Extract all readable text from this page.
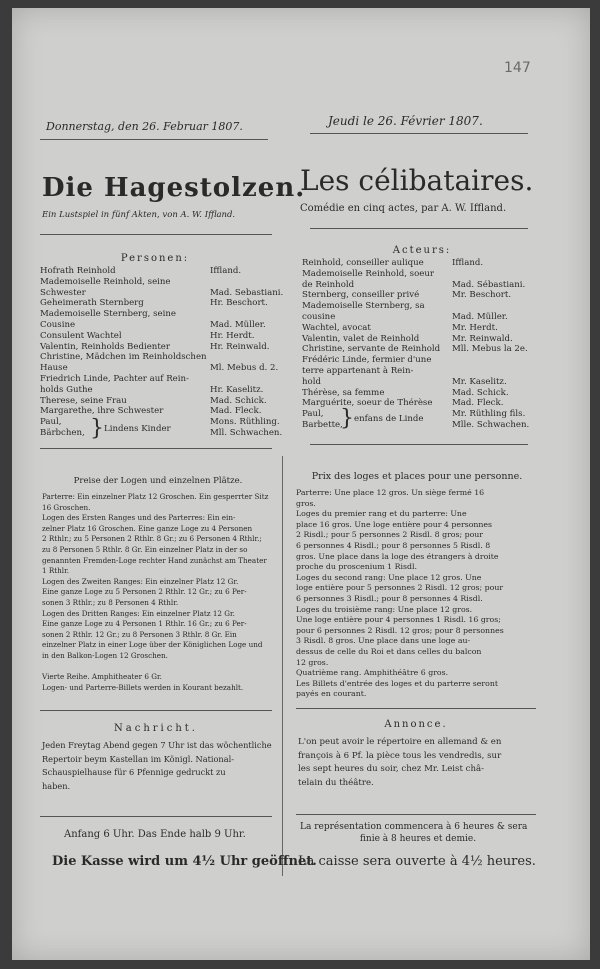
147
Donnerstag, den 26. Februar 1807.	Jeudi le 26. Février 1807.
Die Hagestolzen.
Les célibataires.
Ein Lustspiel in fünf Akten, von A. W. Iffland.
Comédie en cinq actes, par A. W. Iffland.
Personen:
Acteurs:
Hofrath Reinhold	Iffland.
Mademoiselle Reinhold, seine
Schwester	Mad. Sebastiani.
Geheimerath Sternberg	Hr. Beschort.
Mademoiselle Sternberg, seine
Cousine	Mad. Müller.
Consulent Wachtel	Hr. Herdt.
Valentin, Reinholds Bedienter	Hr. Reinwald.
Christine, Mädchen im Reinholdschen
Hause	Ml. Mebus d. 2.
Friedrich Linde, Pachter auf Rein-
holds Guthe	Hr. Kaselitz.
Therese, seine Frau	Mad. Schick.
Margarethe, ihre Schwester	Mad. Fleck.
Paul,	Mons. Rüthling.
Bärbchen,	Mll. Schwachen.
} Lindens Kinder
Reinhold, conseiller aulique	Iffland.
Mademoiselle Reinhold, soeur
de Reinhold	Mad. Sébastiani.
Sternberg, conseiller privé	Mr. Beschort.
Mademoiselle Sternberg, sa
cousine	Mad. Müller.
Wachtel, avocat	Mr. Herdt.
Valentin, valet de Reinhold	Mr. Reinwald.
Christine, servante de Reinhold Mll. Mebus la 2e.
Frédéric Linde, fermier d'une
terre appartenant à Rein-
hold	Mr. Kaselitz.
Thérèse, sa femme	Mad. Schick.
Marguérite, soeur de Thérèse Mad. Fleck.
Paul,	Mr. Rüthling fils.
Barbette,	Mlle. Schwachen.
} enfans de Linde
Preise der Logen und einzelnen Plätze.
Parterre: Ein einzelner Platz 12 Groschen. Ein gesperrter Sitz
16 Groschen.
Logen des Ersten Ranges und des Parterres: Ein ein-
zelner Platz 16 Groschen. Eine ganze Loge zu 4 Personen
2 Rthlr.; zu 5 Personen 2 Rthlr. 8 Gr.; zu 6 Personen 4 Rthlr.;
zu 8 Personen 5 Rthlr. 8 Gr. Ein einzelner Platz in der so
genannten Fremden-Loge rechter Hand zunächst am Theater
1 Rthlr.
Logen des Zweiten Ranges: Ein einzelner Platz 12 Gr.
Eine ganze Loge zu 5 Personen 2 Rthlr. 12 Gr.; zu 6 Per-
sonen 3 Rthlr.; zu 8 Personen 4 Rthlr.
Logen des Dritten Ranges: Ein einzelner Platz 12 Gr.
Eine ganze Loge zu 4 Personen 1 Rthlr. 16 Gr.; zu 6 Per-
sonen 2 Rthlr. 12 Gr.; zu 8 Personen 3 Rthlr. 8 Gr. Ein
einzelner Platz in einer Loge über der Königlichen Loge und
in den Balkon-Logen 12 Groschen.
Vierte Reihe. Amphitheater 6 Gr.
Logen- und Parterre-Billets werden in Kourant bezahlt.
Prix des loges et places pour une personne.
Parterre: Une place 12 gros. Un siège fermé 16
gros.
Loges du premier rang et du parterre: Une
place 16 gros. Une loge entière pour 4 personnes
2 Risdl.; pour 5 personnes 2 Risdl. 8 gros; pour
6 personnes 4 Risdl.; pour 8 personnes 5 Risdl. 8
gros. Une place dans la loge des étrangers à droite
proche du proscenium 1 Risdl.
Loges du second rang: Une place 12 gros. Une
loge entière pour 5 personnes 2 Risdl. 12 gros; pour
6 personnes 3 Risdl.; pour 8 personnes 4 Risdl.
Loges du troisième rang: Une place 12 gros.
Une loge entière pour 4 personnes 1 Risdl. 16 gros;
pour 6 personnes 2 Risdl. 12 gros; pour 8 personnes
3 Risdl. 8 gros. Une place dans une loge au-
dessus de celle du Roi et dans celles du balcon
12 gros.
Quatrième rang. Amphithéâtre 6 gros.
Les Billets d'entrée des loges et du parterre seront
payés en courant.
Nachricht.
Jeden Freytag Abend gegen 7 Uhr ist das wöchentliche
Repertoir beym Kastellan im Königl. National-
Schauspielhause für 6 Pfennige gedruckt zu
haben.
Annonce.
L'on peut avoir le répertoire en allemand & en
françois à 6 Pf. la pièce tous les vendredis, sur
les sept heures du soir, chez Mr. Leist châ-
telain du théâtre.
Anfang 6 Uhr. Das Ende halb 9 Uhr.
Die Kasse wird um 4½ Uhr geöffnet.
La représentation commencera à 6 heures & sera
finie à 8 heures et demie.
La caisse sera ouverte à 4½ heures.
